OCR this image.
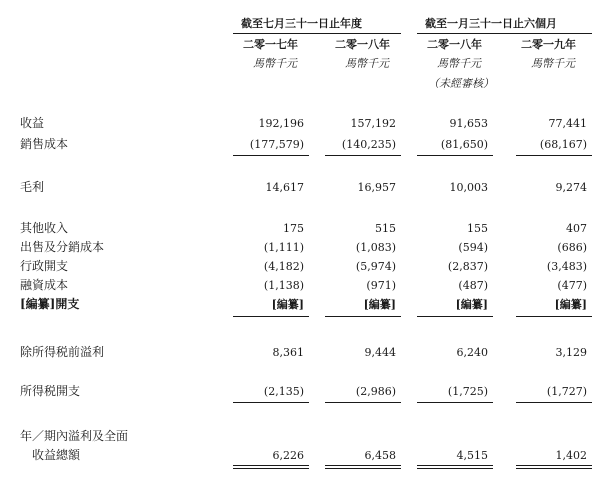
截至七月三十一日止年度	截至一月三十一日止六個月
二零一七年	二零一八年	二零一八年	二零一九年
馬幣千元	馬幣千元	馬幣千元	馬幣千元
（未經審核）
收益	192,196	157,192	91,653	77,441
銷售成本	(177,579)	(140,235)	(81,650)	(68,167)
毛利	14,617	16,957	10,003	9,274
其他收入	175	515	155	407
出售及分銷成本	(1,111)	(1,083)	(594)	(686)
行政開支	(4,182)	(5,974)	(2,837)	(3,483)
融資成本	(1,138)	(971)	(487)	(477)
[編纂]開支	[編纂]	[編纂]	[編纂]	[編纂]
除所得税前溢利	8,361	9,444	6,240	3,129
所得税開支	(2,135)	(2,986)	(1,725)	(1,727)
年／期內溢利及全面
收益總額	6,226	6,458	4,515	1,402
